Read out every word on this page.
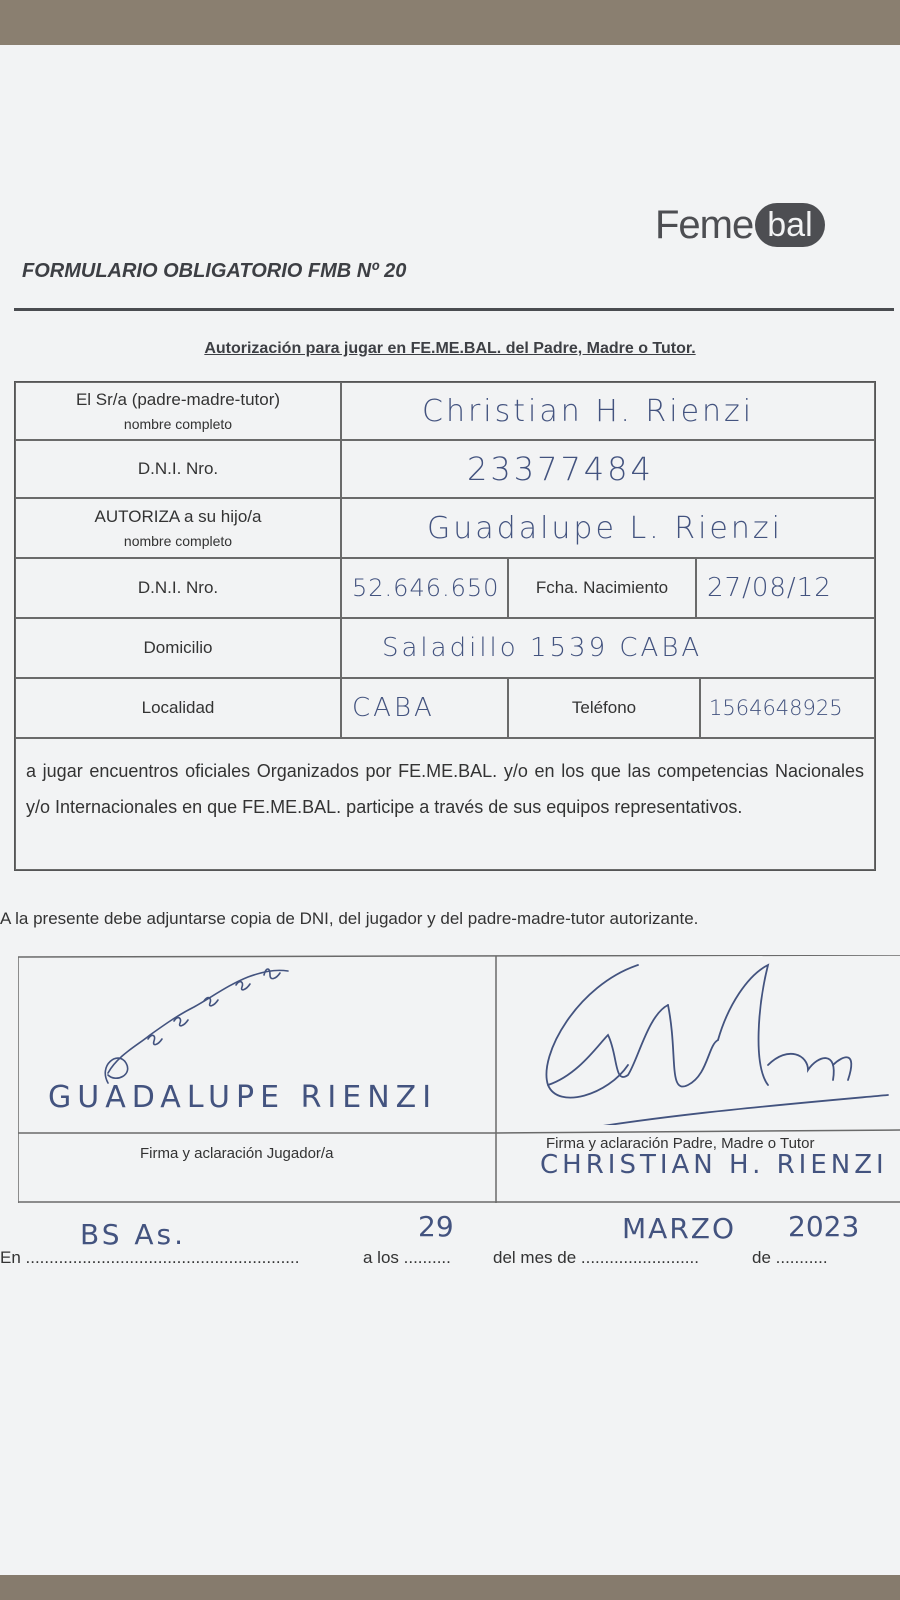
Feme bal
FORMULARIO OBLIGATORIO FMB Nº 20
Autorización para jugar en FE.ME.BAL. del Padre, Madre o Tutor.
El Sr/a (padre-madre-tutor)
nombre completo	Christian H. Rienzi
D.N.I. Nro.	23377484
AUTORIZA a su hijo/a
nombre completo	Guadalupe L. Rienzi
D.N.I. Nro.	52.646.650 Fcha. Nacimiento 27/08/12
Domicilio	Saladillo 1539 CABA
Localidad	CABA	Teléfono	1564648925
a jugar encuentros oficiales Organizados por FE.ME.BAL. y/o en los que las competencias Nacionales y/o Internacionales en que FE.ME.BAL. participe a través de sus equipos representativos.
A la presente debe adjuntarse copia de DNI, del jugador y del padre-madre-tutor autorizante.
GUADALUPE RIENZI
Firma y aclaración Jugador/a
Firma y aclaración Padre, Madre o Tutor
CHRISTIAN H. RIENZI
En ..........................................................	a los .......... del mes de .........................	de ...........
BS As.	29	MARZO 2023
